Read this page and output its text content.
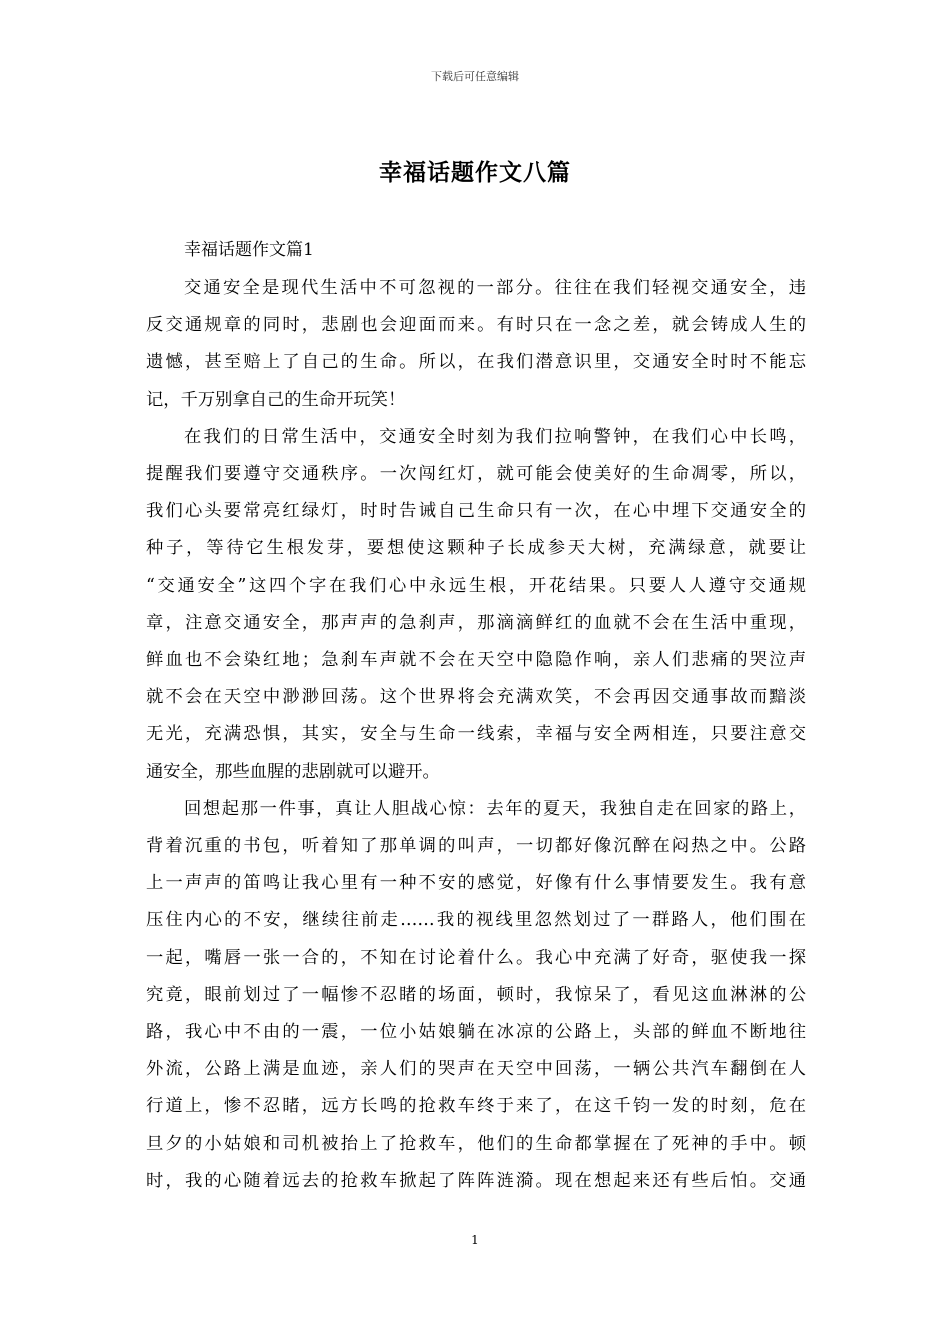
下载后可任意编辑
幸福话题作文八篇
幸福话题作文篇1
交通安全是现代生活中不可忽视的一部分。往往在我们轻视交通安全，违
反交通规章的同时，悲剧也会迎面而来。有时只在一念之差，就会铸成人生的
遗憾，甚至赔上了自己的生命。所以，在我们潜意识里，交通安全时时不能忘
记，千万别拿自己的生命开玩笑！
在我们的日常生活中，交通安全时刻为我们拉响警钟，在我们心中长鸣，
提醒我们要遵守交通秩序。一次闯红灯，就可能会使美好的生命凋零，所以，
我们心头要常亮红绿灯，时时告诫自己生命只有一次，在心中埋下交通安全的
种子，等待它生根发芽，要想使这颗种子长成参天大树，充满绿意，就要让
“交通安全”这四个字在我们心中永远生根，开花结果。只要人人遵守交通规
章，注意交通安全，那声声的急刹声，那滴滴鲜红的血就不会在生活中重现，
鲜血也不会染红地；急刹车声就不会在天空中隐隐作响，亲人们悲痛的哭泣声
就不会在天空中渺渺回荡。这个世界将会充满欢笑，不会再因交通事故而黯淡
无光，充满恐惧，其实，安全与生命一线索，幸福与安全两相连，只要注意交
通安全，那些血腥的悲剧就可以避开。
回想起那一件事，真让人胆战心惊：去年的夏天，我独自走在回家的路上，
背着沉重的书包，听着知了那单调的叫声，一切都好像沉醉在闷热之中。公路
上一声声的笛鸣让我心里有一种不安的感觉，好像有什么事情要发生。我有意
压住内心的不安，继续往前走……我的视线里忽然划过了一群路人，他们围在
一起，嘴唇一张一合的，不知在讨论着什么。我心中充满了好奇，驱使我一探
究竟，眼前划过了一幅惨不忍睹的场面，顿时，我惊呆了，看见这血淋淋的公
路，我心中不由的一震，一位小姑娘躺在冰凉的公路上，头部的鲜血不断地往
外流，公路上满是血迹，亲人们的哭声在天空中回荡，一辆公共汽车翻倒在人
行道上，惨不忍睹，远方长鸣的抢救车终于来了，在这千钧一发的时刻，危在
旦夕的小姑娘和司机被抬上了抢救车，他们的生命都掌握在了死神的手中。顿
时，我的心随着远去的抢救车掀起了阵阵涟漪。现在想起来还有些后怕。交通
1
